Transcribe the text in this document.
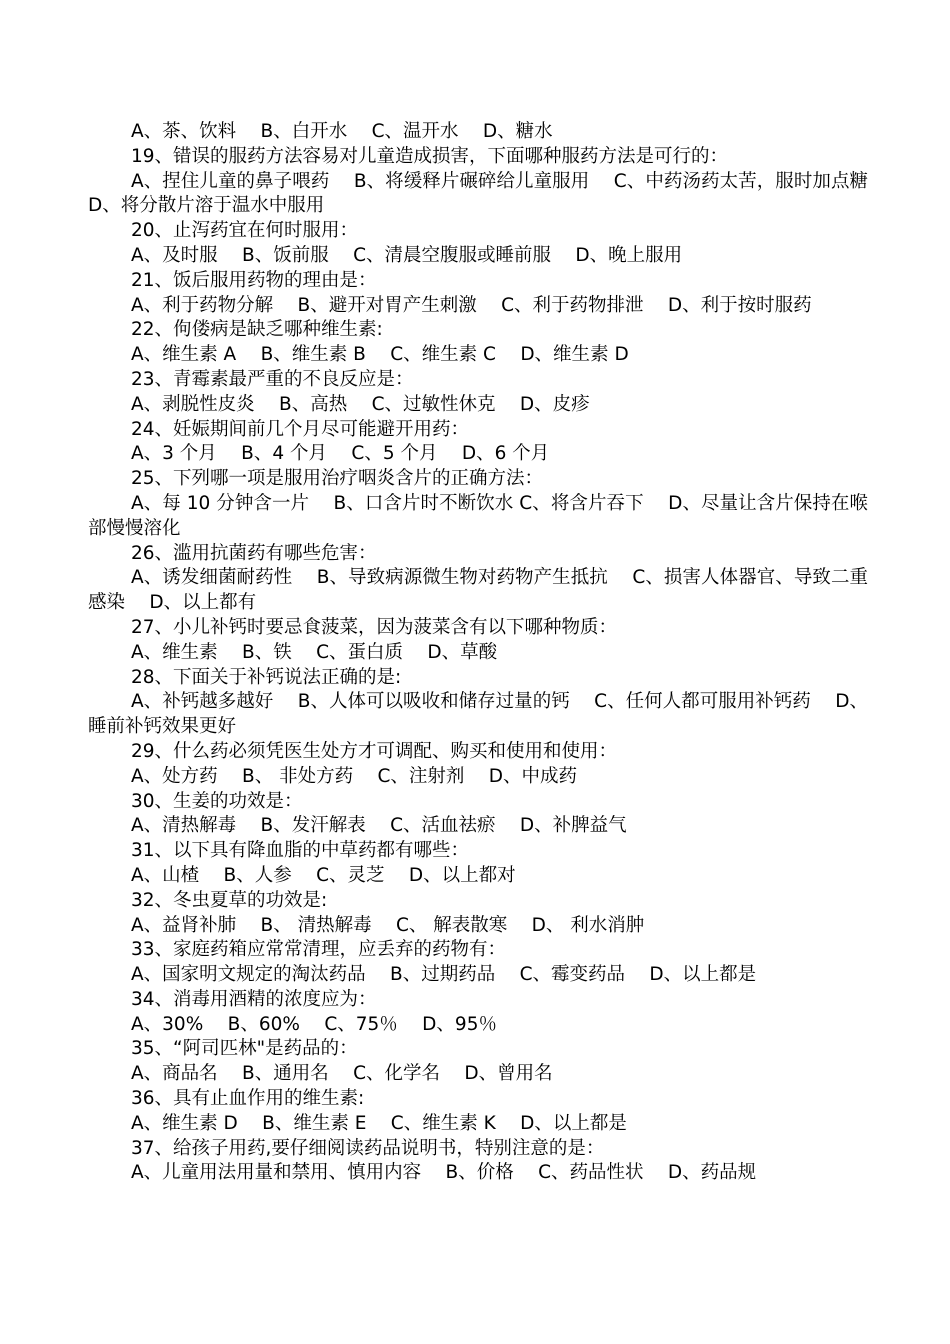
A、茶、饮料　 B、白开水　 C、温开水　 D、糖水

19、错误的服药方法容易对儿童造成损害，下面哪种服药方法是可行的：

A、捏住儿童的鼻子喂药　 B、将缓释片碾碎给儿童服用　 C、中药汤药太苦，服时加点糖　 D、将分散片溶于温水中服用

20、止泻药宜在何时服用：

A、及时服　 B、饭前服　 C、清晨空腹服或睡前服　 D、晚上服用

21、饭后服用药物的理由是：

A、利于药物分解　 B、避开对胃产生刺激　 C、利于药物排泄　 D、利于按时服药

22、佝偻病是缺乏哪种维生素:

A、维生素 A　 B、维生素 B　 C、维生素 C　 D、维生素 D

23、青霉素最严重的不良反应是：

A、剥脱性皮炎　 B、高热　 C、过敏性休克　 D、皮疹

24、妊娠期间前几个月尽可能避开用药：

A、3 个月　 B、4 个月　 C、5 个月　 D、6 个月

25、下列哪一项是服用治疗咽炎含片的正确方法：

A、每 10 分钟含一片　 B、口含片时不断饮水 C、将含片吞下　 D、尽量让含片保持在喉部慢慢溶化

26、滥用抗菌药有哪些危害：

A、诱发细菌耐药性　 B、导致病源微生物对药物产生抵抗　 C、损害人体器官、导致二重感染　 D、以上都有

27、小儿补钙时要忌食菠菜，因为菠菜含有以下哪种物质：

A、维生素　 B、铁　 C、蛋白质　 D、草酸

28、下面关于补钙说法正确的是:

A、补钙越多越好　 B、人体可以吸收和储存过量的钙　 C、任何人都可服用补钙药　 D、睡前补钙效果更好

29、什么药必须凭医生处方才可调配、购买和使用和使用：

A、处方药　 B、 非处方药　 C、注射剂　 D、中成药

30、生姜的功效是：

A、清热解毒　 B、发汗解表　 C、活血祛瘀　 D、补脾益气

31、以下具有降血脂的中草药都有哪些：

A、山楂　 B、人参　 C、灵芝　 D、以上都对

32、冬虫夏草的功效是:

A、益肾补肺　 B、 清热解毒　 C、 解表散寒　 D、 利水消肿

33、家庭药箱应常常清理，应丢弃的药物有：

A、国家明文规定的淘汰药品　 B、过期药品　 C、霉变药品　 D、以上都是

34、消毒用酒精的浓度应为：

A、30%　 B、60%　 C、75％　 D、95％

35、“阿司匹林"是药品的：

A、商品名　 B、通用名　 C、化学名　 D、曾用名

36、具有止血作用的维生素:

A、维生素 D　 B、维生素 E　 C、维生素 K　 D、以上都是

37、给孩子用药,要仔细阅读药品说明书，特别注意的是：

A、儿童用法用量和禁用、慎用内容　 B、价格　 C、药品性状　 D、药品规
